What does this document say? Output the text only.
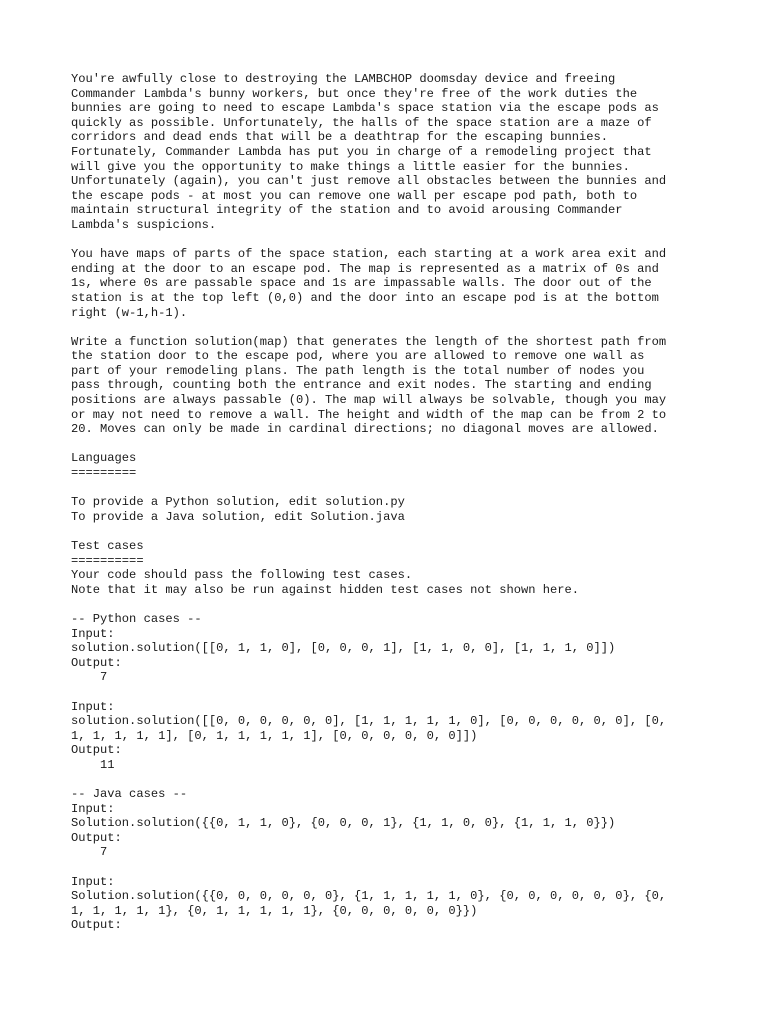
You're awfully close to destroying the LAMBCHOP doomsday device and freeing
Commander Lambda's bunny workers, but once they're free of the work duties the
bunnies are going to need to escape Lambda's space station via the escape pods as
quickly as possible. Unfortunately, the halls of the space station are a maze of
corridors and dead ends that will be a deathtrap for the escaping bunnies.
Fortunately, Commander Lambda has put you in charge of a remodeling project that
will give you the opportunity to make things a little easier for the bunnies.
Unfortunately (again), you can't just remove all obstacles between the bunnies and
the escape pods - at most you can remove one wall per escape pod path, both to
maintain structural integrity of the station and to avoid arousing Commander
Lambda's suspicions.
You have maps of parts of the space station, each starting at a work area exit and
ending at the door to an escape pod. The map is represented as a matrix of 0s and
1s, where 0s are passable space and 1s are impassable walls. The door out of the
station is at the top left (0,0) and the door into an escape pod is at the bottom
right (w-1,h-1).
Write a function solution(map) that generates the length of the shortest path from
the station door to the escape pod, where you are allowed to remove one wall as
part of your remodeling plans. The path length is the total number of nodes you
pass through, counting both the entrance and exit nodes. The starting and ending
positions are always passable (0). The map will always be solvable, though you may
or may not need to remove a wall. The height and width of the map can be from 2 to
20. Moves can only be made in cardinal directions; no diagonal moves are allowed.
Languages
=========
To provide a Python solution, edit solution.py
To provide a Java solution, edit Solution.java
Test cases
==========
Your code should pass the following test cases.
Note that it may also be run against hidden test cases not shown here.
-- Python cases --
Input:
solution.solution([[0, 1, 1, 0], [0, 0, 0, 1], [1, 1, 0, 0], [1, 1, 1, 0]])
Output:
7
Input:
solution.solution([[0, 0, 0, 0, 0, 0], [1, 1, 1, 1, 1, 0], [0, 0, 0, 0, 0, 0], [0,
1, 1, 1, 1, 1], [0, 1, 1, 1, 1, 1], [0, 0, 0, 0, 0, 0]])
Output:
11
-- Java cases --
Input:
Solution.solution({{0, 1, 1, 0}, {0, 0, 0, 1}, {1, 1, 0, 0}, {1, 1, 1, 0}})
Output:
7
Input:
Solution.solution({{0, 0, 0, 0, 0, 0}, {1, 1, 1, 1, 1, 0}, {0, 0, 0, 0, 0, 0}, {0,
1, 1, 1, 1, 1}, {0, 1, 1, 1, 1, 1}, {0, 0, 0, 0, 0, 0}})
Output:
